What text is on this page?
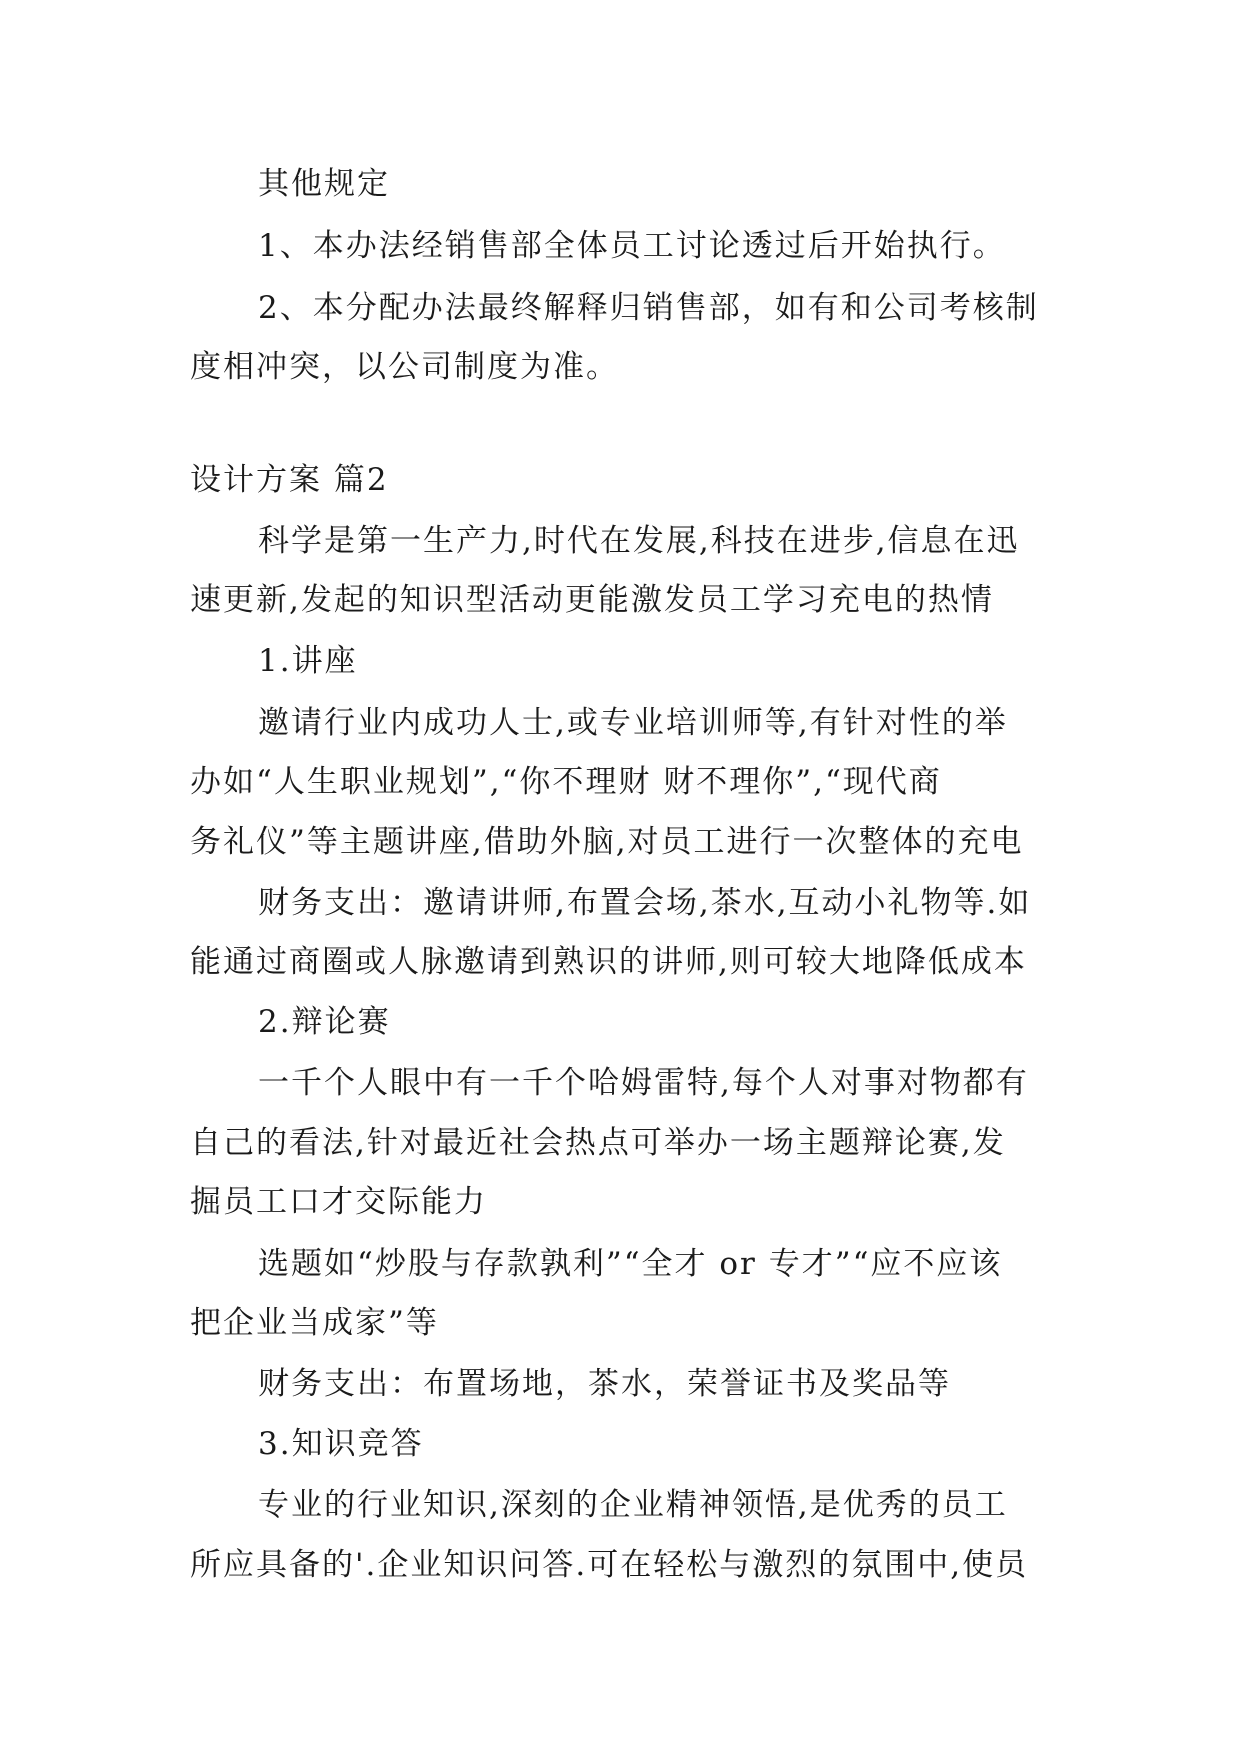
其他规定
1、本办法经销售部全体员工讨论透过后开始执行。
2、本分配办法最终解释归销售部，如有和公司考核制
度相冲突，以公司制度为准。
设计方案 篇2
科学是第一生产力,时代在发展,科技在进步,信息在迅
速更新,发起的知识型活动更能激发员工学习充电的热情
1.讲座
邀请行业内成功人士,或专业培训师等,有针对性的举
办如“人生职业规划”,“你不理财 财不理你”,“现代商
务礼仪”等主题讲座,借助外脑,对员工进行一次整体的充电
财务支出：邀请讲师,布置会场,茶水,互动小礼物等.如
能通过商圈或人脉邀请到熟识的讲师,则可较大地降低成本
2.辩论赛
一千个人眼中有一千个哈姆雷特,每个人对事对物都有
自己的看法,针对最近社会热点可举办一场主题辩论赛,发
掘员工口才交际能力
选题如“炒股与存款孰利”“全才 or 专才”“应不应该
把企业当成家”等
财务支出：布置场地，茶水，荣誉证书及奖品等
3.知识竞答
专业的行业知识,深刻的企业精神领悟,是优秀的员工
所应具备的'.企业知识问答.可在轻松与激烈的氛围中,使员
